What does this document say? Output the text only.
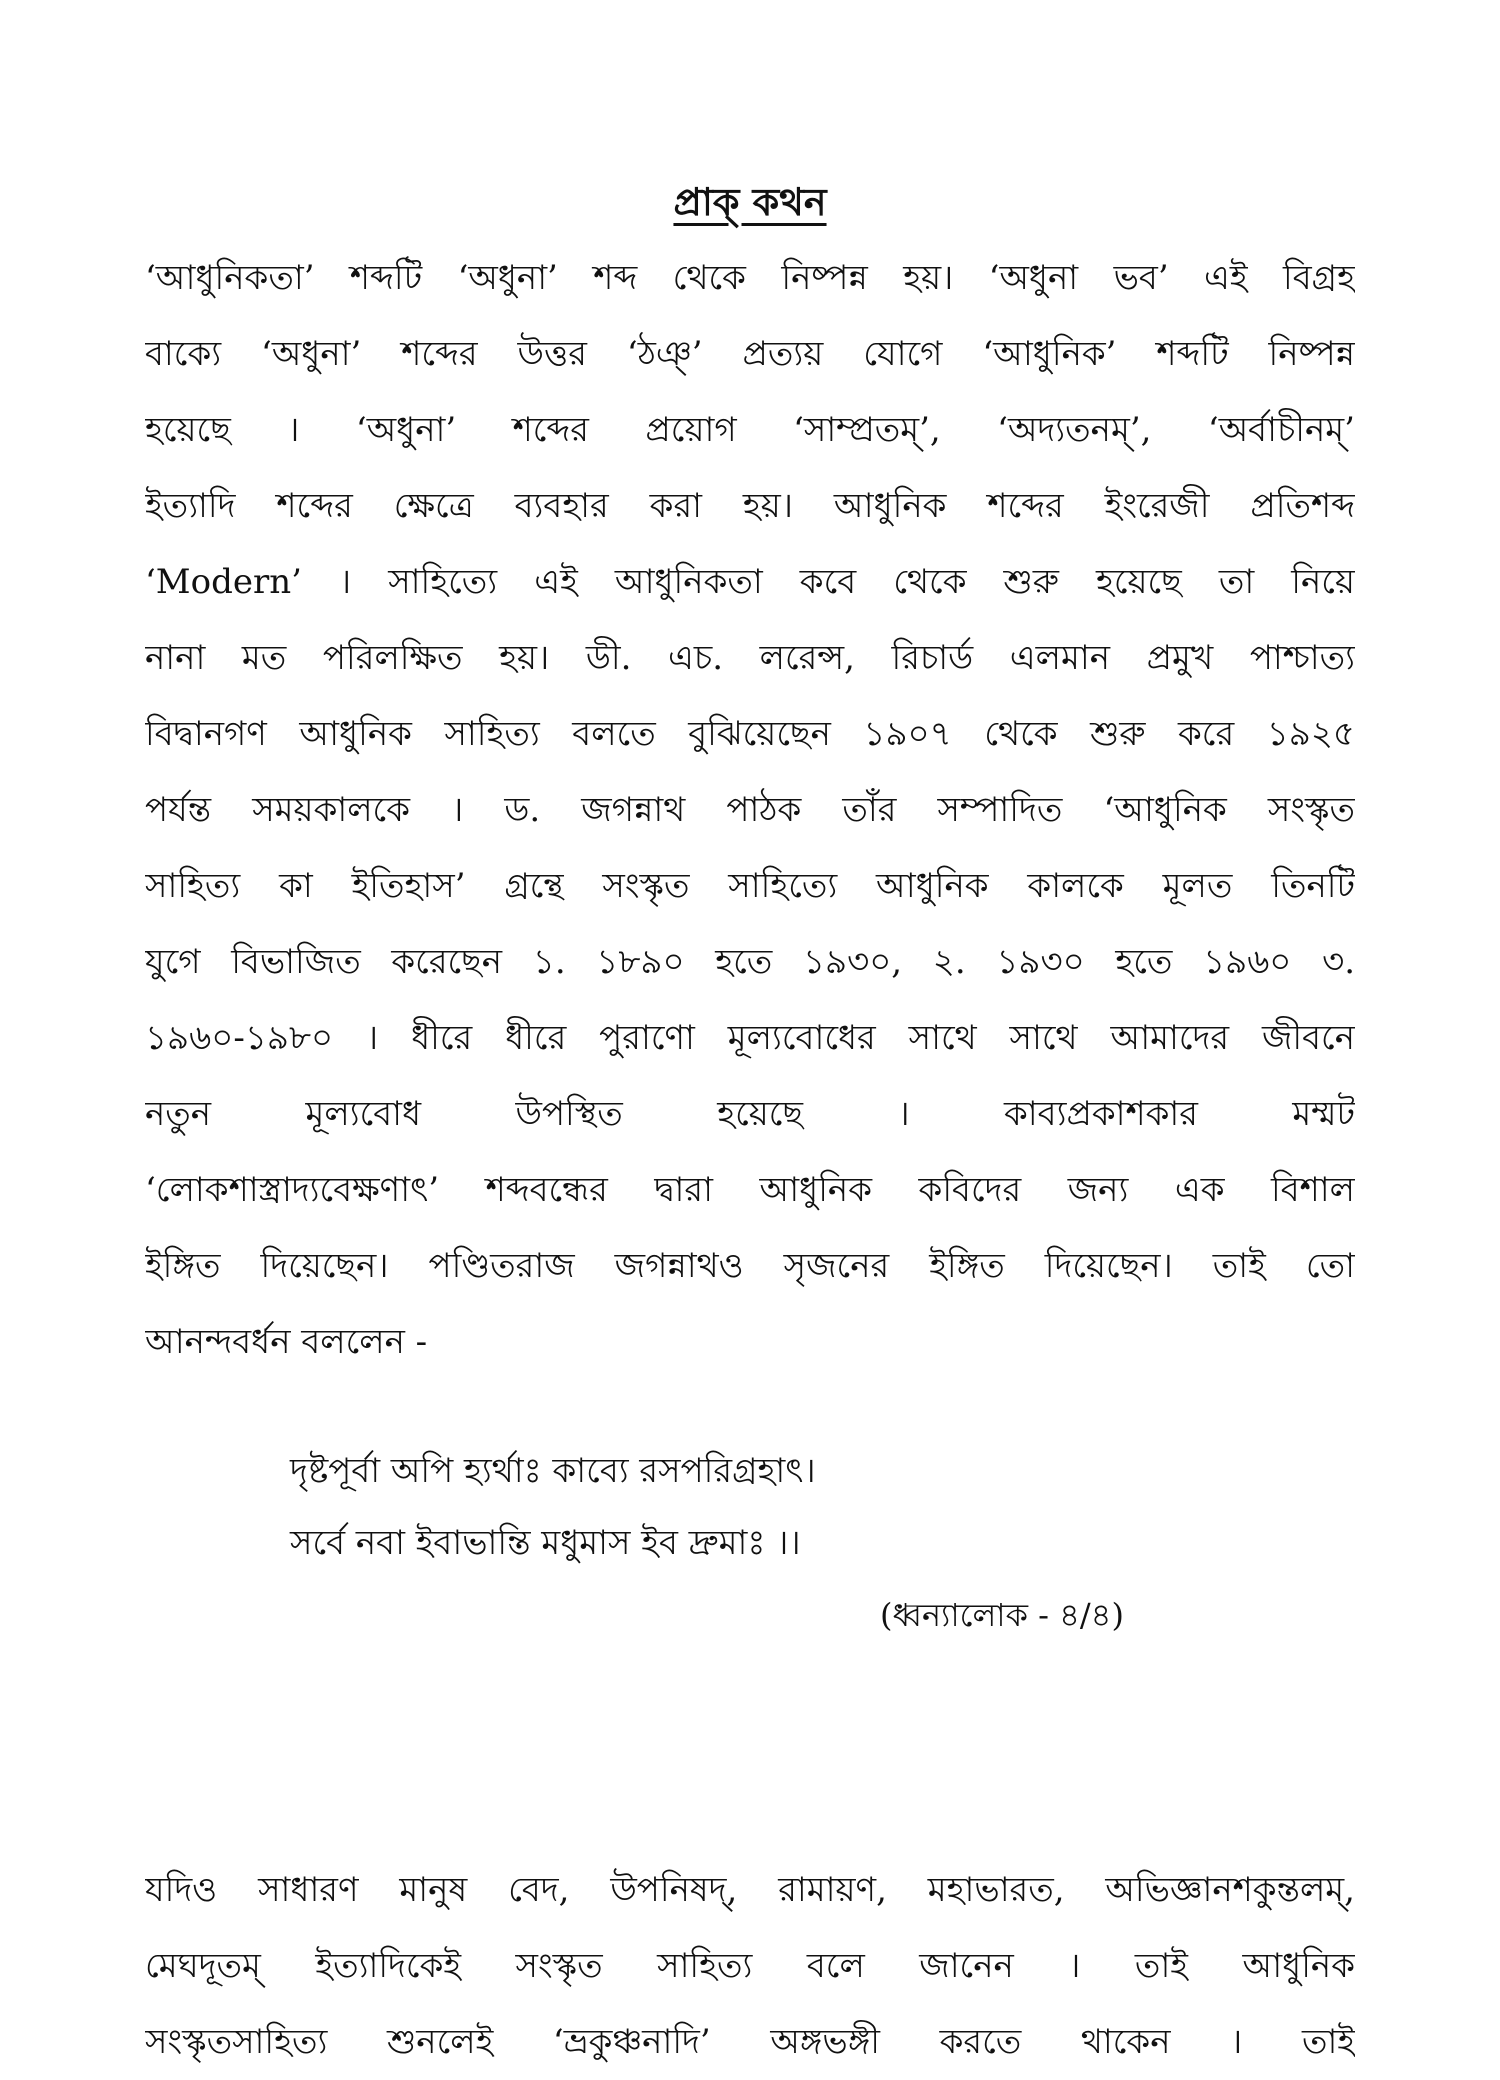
প্রাক্ কথন
‘আধুনিকতা’ শব্দটি ‘অধুনা’ শব্দ থেকে নিষ্পন্ন হয়। ‘অধুনা ভব’ এই বিগ্রহ
বাক্যে ‘অধুনা’ শব্দের উত্তর ‘ঠঞ্’ প্রত্যয় যোগে ‘আধুনিক’ শব্দটি নিষ্পন্ন
হয়েছে । ‘অধুনা’ শব্দের প্রয়োগ ‘সাম্প্রতম্’, ‘অদ্যতনম্’, ‘অর্বাচীনম্’
ইত্যাদি শব্দের ক্ষেত্রে ব্যবহার করা হয়। আধুনিক শব্দের ইংরেজী প্রতিশব্দ
‘Modern’ । সাহিত্যে এই আধুনিকতা কবে থেকে শুরু হয়েছে তা নিয়ে
নানা মত পরিলক্ষিত হয়। ডী. এচ. লরেন্স, রিচার্ড এলমান প্রমুখ পাশ্চাত্য
বিদ্বানগণ আধুনিক সাহিত্য বলতে বুঝিয়েছেন ১৯০৭ থেকে শুরু করে ১৯২৫
পর্যন্ত সময়কালকে । ড. জগন্নাথ পাঠক তাঁর সম্পাদিত ‘আধুনিক সংস্কৃত
সাহিত্য কা ইতিহাস’ গ্রন্থে সংস্কৃত সাহিত্যে আধুনিক কালকে মূলত তিনটি
যুগে বিভাজিত করেছেন ১. ১৮৯০ হতে ১৯৩০, ২. ১৯৩০ হতে ১৯৬০ ৩.
১৯৬০-১৯৮০ । ধীরে ধীরে পুরাণো মূল্যবোধের সাথে সাথে আমাদের জীবনে
নতুন মূল্যবোধ উপস্থিত হয়েছে । কাব্যপ্রকাশকার মম্মট
‘লোকশাস্ত্রাদ্যবেক্ষণাৎ’ শব্দবন্ধের দ্বারা আধুনিক কবিদের জন্য এক বিশাল
ইঙ্গিত দিয়েছেন। পণ্ডিতরাজ জগন্নাথও সৃজনের ইঙ্গিত দিয়েছেন। তাই তো
আনন্দবর্ধন বললেন -
দৃষ্টপূর্বা অপি হ্যর্থাঃ কাব্যে রসপরিগ্রহাৎ।
সর্বে নবা ইবাভান্তি মধুমাস ইব দ্রুমাঃ ।।
(ধ্বন্যালোক - ৪/৪)
যদিও সাধারণ মানুষ বেদ, উপনিষদ্, রামায়ণ, মহাভারত, অভিজ্ঞানশকুন্তলম্,
মেঘদূতম্ ইত্যাদিকেই সংস্কৃত সাহিত্য বলে জানেন । তাই আধুনিক
সংস্কৃতসাহিত্য শুনলেই ‘ভ্রকুঞ্চনাদি’ অঙ্গভঙ্গী করতে থাকেন । তাই
